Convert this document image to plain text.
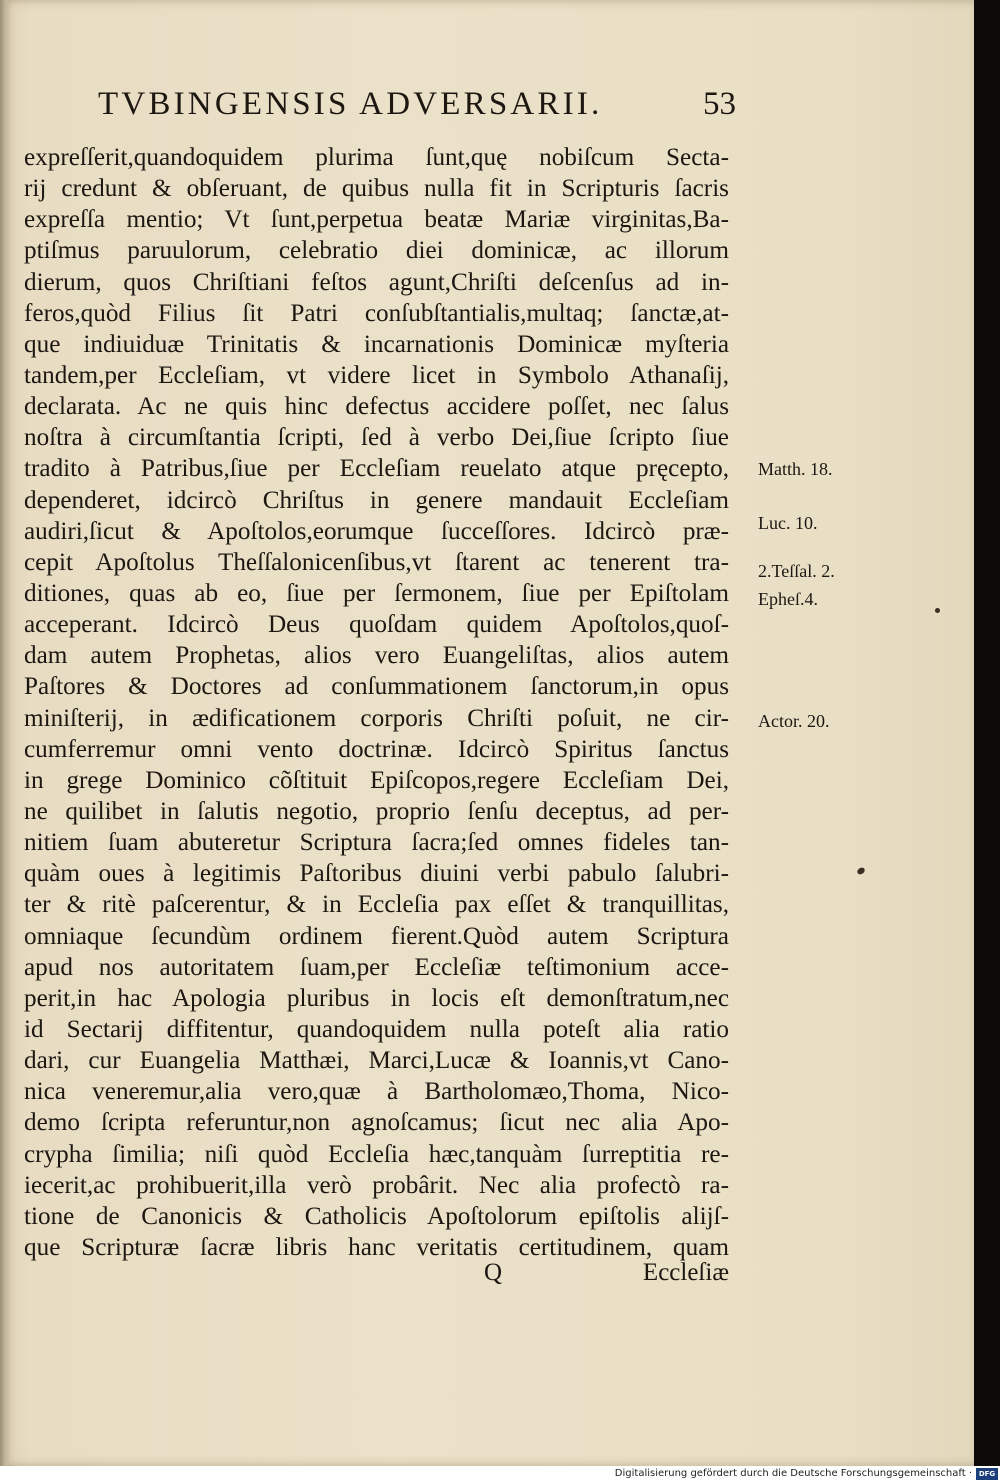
TVBINGENSIS ADVERSARII.	53
expreſſerit,quandoquidem plurima ſunt,quę nobiſcum Secta-
rij credunt & obſeruant, de quibus nulla fit in Scripturis ſacris
expreſſa mentio; Vt ſunt,perpetua beatæ Mariæ virginitas,Ba-
ptiſmus paruulorum, celebratio diei dominicæ, ac illorum
dierum, quos Chriſtiani feſtos agunt,Chriſti deſcenſus ad in-
feros,quòd Filius ſit Patri conſubſtantialis,multaq; ſanctæ,at-
que indiuiduæ Trinitatis & incarnationis Dominicæ myſteria
tandem,per Eccleſiam, vt videre licet in Symbolo Athanaſij,
declarata. Ac ne quis hinc defectus accidere poſſet, nec ſalus
noſtra à circumſtantia ſcripti, ſed à verbo Dei,ſiue ſcripto ſiue
tradito à Patribus,ſiue per Eccleſiam reuelato atque pręcepto,
dependeret, idcircò Chriſtus in genere mandauit Eccleſiam
audiri,ſicut & Apoſtolos,eorumque ſucceſſores. Idcircò præ-
cepit Apoſtolus Theſſalonicenſibus,vt ſtarent ac tenerent tra-
ditiones, quas ab eo, ſiue per ſermonem, ſiue per Epiſtolam
acceperant. Idcircò Deus quoſdam quidem Apoſtolos,quoſ-
dam autem Prophetas, alios vero Euangeliſtas, alios autem
Paſtores & Doctores ad conſummationem ſanctorum,in opus
miniſterij, in ædificationem corporis Chriſti poſuit, ne cir-
cumferremur omni vento doctrinæ. Idcircò Spiritus ſanctus
in grege Dominico cõſtituit Epiſcopos,regere Eccleſiam Dei,
ne quilibet in ſalutis negotio, proprio ſenſu deceptus, ad per-
nitiem ſuam abuteretur Scriptura ſacra;ſed omnes fideles tan-
quàm oues à legitimis Paſtoribus diuini verbi pabulo ſalubri-
ter & ritè paſcerentur, & in Eccleſia pax eſſet & tranquillitas,
omniaque ſecundùm ordinem fierent.Quòd autem Scriptura
apud nos autoritatem ſuam,per Eccleſiæ teſtimonium acce-
perit,in hac Apologia pluribus in locis eſt demonſtratum,nec
id Sectarij diffitentur, quandoquidem nulla poteſt alia ratio
dari, cur Euangelia Matthæi, Marci,Lucæ & Ioannis,vt Cano-
nica veneremur,alia vero,quæ à Bartholomæo,Thoma, Nico-
demo ſcripta referuntur,non agnoſcamus; ſicut nec alia Apo-
crypha ſimilia; niſi quòd Eccleſia hæc,tanquàm ſurreptitia re-
iecerit,ac prohibuerit,illa verò probârit. Nec alia profectò ra-
tione de Canonicis & Catholicis Apoſtolorum epiſtolis alijſ-
que Scripturæ ſacræ libris hanc veritatis certitudinem, quam
Q	Eccleſiæ
Matth. 18.
Luc. 10.
2.Teſſal. 2.
Epheſ.4.
Actor. 20.
Digitalisierung gefördert durch die Deutsche Forschungsgemeinschaft · DFG
